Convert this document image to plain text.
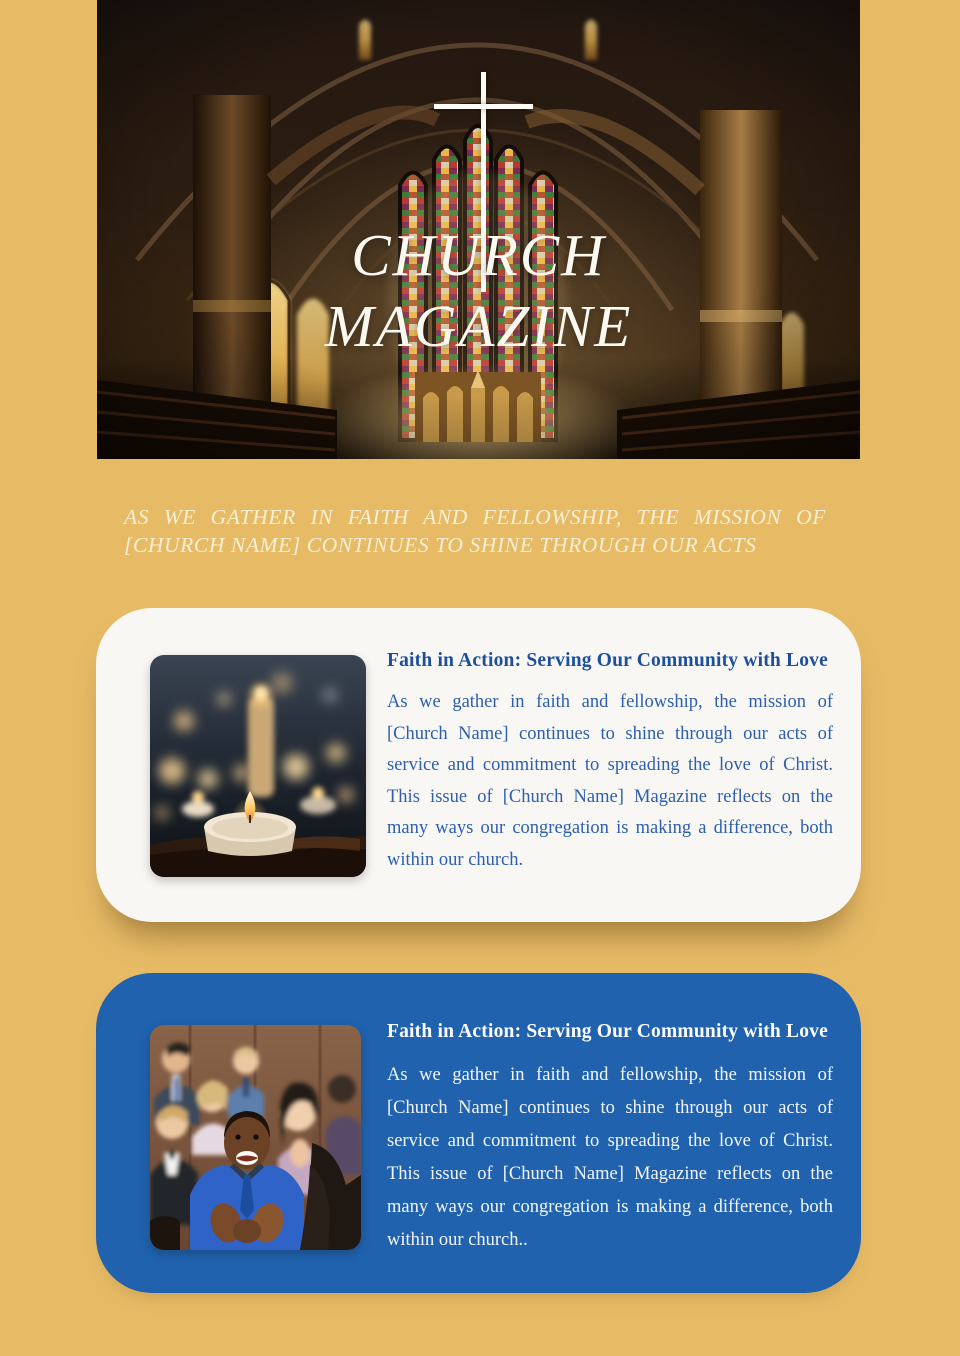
CHURCH
MAGAZINE
AS WE GATHER IN FAITH AND FELLOWSHIP, THE MISSION OF
[CHURCH NAME] CONTINUES TO SHINE THROUGH OUR ACTS
Faith in Action: Serving Our Community with Love
As we gather in faith and fellowship, the mission of [Church Name] continues to shine through our acts of service and commitment to spreading the love of Christ. This issue of [Church Name] Magazine reflects on the many ways our congregation is making a difference, both within our church.
Faith in Action: Serving Our Community with Love
As we gather in faith and fellowship, the mission of [Church Name] continues to shine through our acts of service and commitment to spreading the love of Christ. This issue of [Church Name] Magazine reflects on the many ways our congregation is making a difference, both within our church..
